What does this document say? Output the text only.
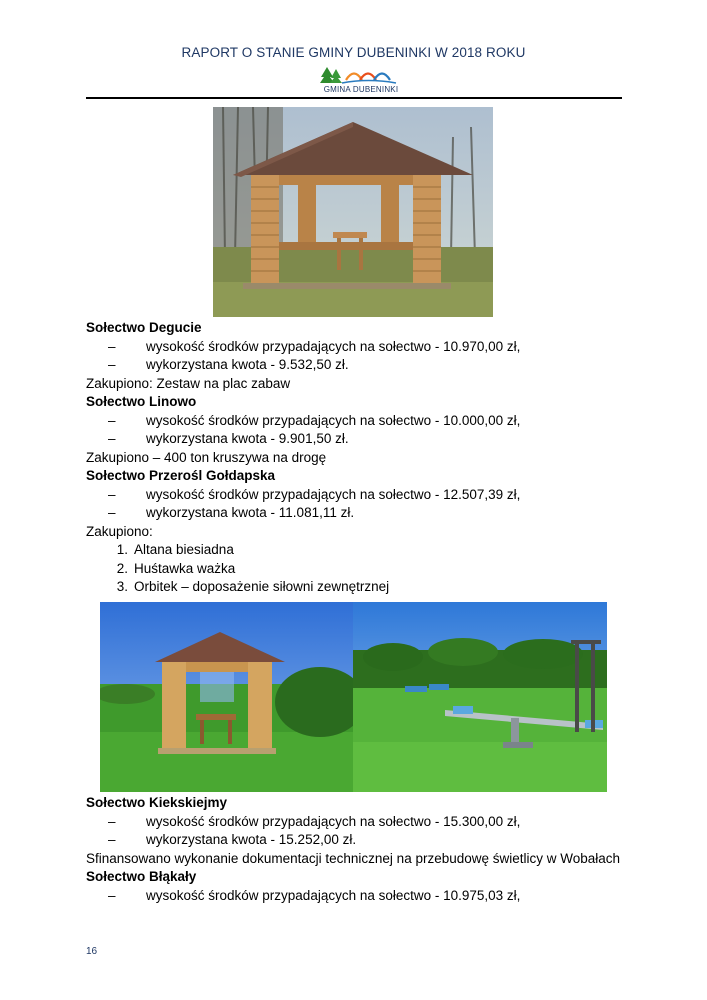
RAPORT O STANIE GMINY DUBENINKI W 2018 ROKU
GMINA DUBENINKI
Sołectwo Degucie
– wysokość środków przypadających na sołectwo - 10.970,00 zł,
– wykorzystana kwota - 9.532,50 zł.
Zakupiono: Zestaw na plac zabaw
Sołectwo Linowo
– wysokość środków przypadających na sołectwo - 10.000,00 zł,
– wykorzystana kwota - 9.901,50 zł.
Zakupiono – 400 ton kruszywa na drogę
Sołectwo Przerośl Gołdapska
– wysokość środków przypadających na sołectwo - 12.507,39 zł,
– wykorzystana kwota - 11.081,11 zł.
Zakupiono:
1. Altana biesiadna
2. Huśtawka ważka
3. Orbitek – doposażenie siłowni zewnętrznej
Sołectwo Kiekskiejmy
– wysokość środków przypadających na sołectwo - 15.300,00 zł,
– wykorzystana kwota - 15.252,00 zł.
Sfinansowano wykonanie dokumentacji technicznej na przebudowę świetlicy w Wobałach
Sołectwo Błąkały
– wysokość środków przypadających na sołectwo - 10.975,03 zł,
16
